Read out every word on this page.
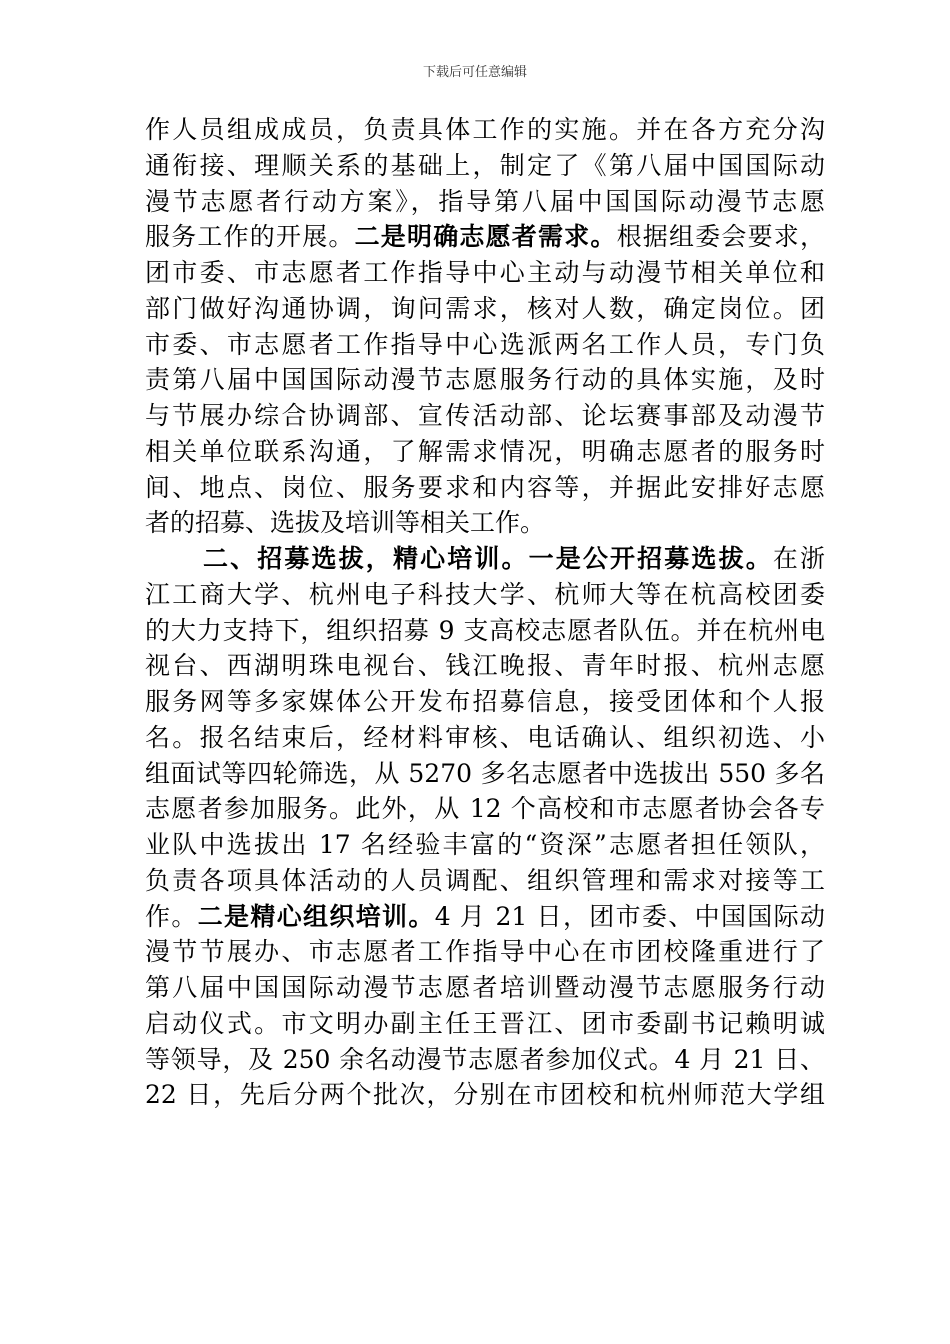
下载后可任意编辑
作人员组成成员，负责具体工作的实施。并在各方充分沟
通衔接、理顺关系的基础上，制定了《第八届中国国际动
漫节志愿者行动方案》，指导第八届中国国际动漫节志愿
服务工作的开展。二是明确志愿者需求。根据组委会要求，
团市委、市志愿者工作指导中心主动与动漫节相关单位和
部门做好沟通协调，询问需求，核对人数，确定岗位。团
市委、市志愿者工作指导中心选派两名工作人员，专门负
责第八届中国国际动漫节志愿服务行动的具体实施，及时
与节展办综合协调部、宣传活动部、论坛赛事部及动漫节
相关单位联系沟通，了解需求情况，明确志愿者的服务时
间、地点、岗位、服务要求和内容等，并据此安排好志愿
者的招募、选拔及培训等相关工作。
二、招募选拔，精心培训。一是公开招募选拔。在浙
江工商大学、杭州电子科技大学、杭师大等在杭高校团委
的大力支持下，组织招募 9 支高校志愿者队伍。并在杭州电
视台、西湖明珠电视台、钱江晚报、青年时报、杭州志愿
服务网等多家媒体公开发布招募信息，接受团体和个人报
名。报名结束后，经材料审核、电话确认、组织初选、小
组面试等四轮筛选，从 5270 多名志愿者中选拔出 550 多名
志愿者参加服务。此外，从 12 个高校和市志愿者协会各专
业队中选拔出 17 名经验丰富的“资深”志愿者担任领队，
负责各项具体活动的人员调配、组织管理和需求对接等工
作。二是精心组织培训。4 月 21 日，团市委、中国国际动
漫节节展办、市志愿者工作指导中心在市团校隆重进行了
第八届中国国际动漫节志愿者培训暨动漫节志愿服务行动
启动仪式。市文明办副主任王晋江、团市委副书记赖明诚
等领导，及 250 余名动漫节志愿者参加仪式。4 月 21 日、
22 日，先后分两个批次，分别在市团校和杭州师范大学组
